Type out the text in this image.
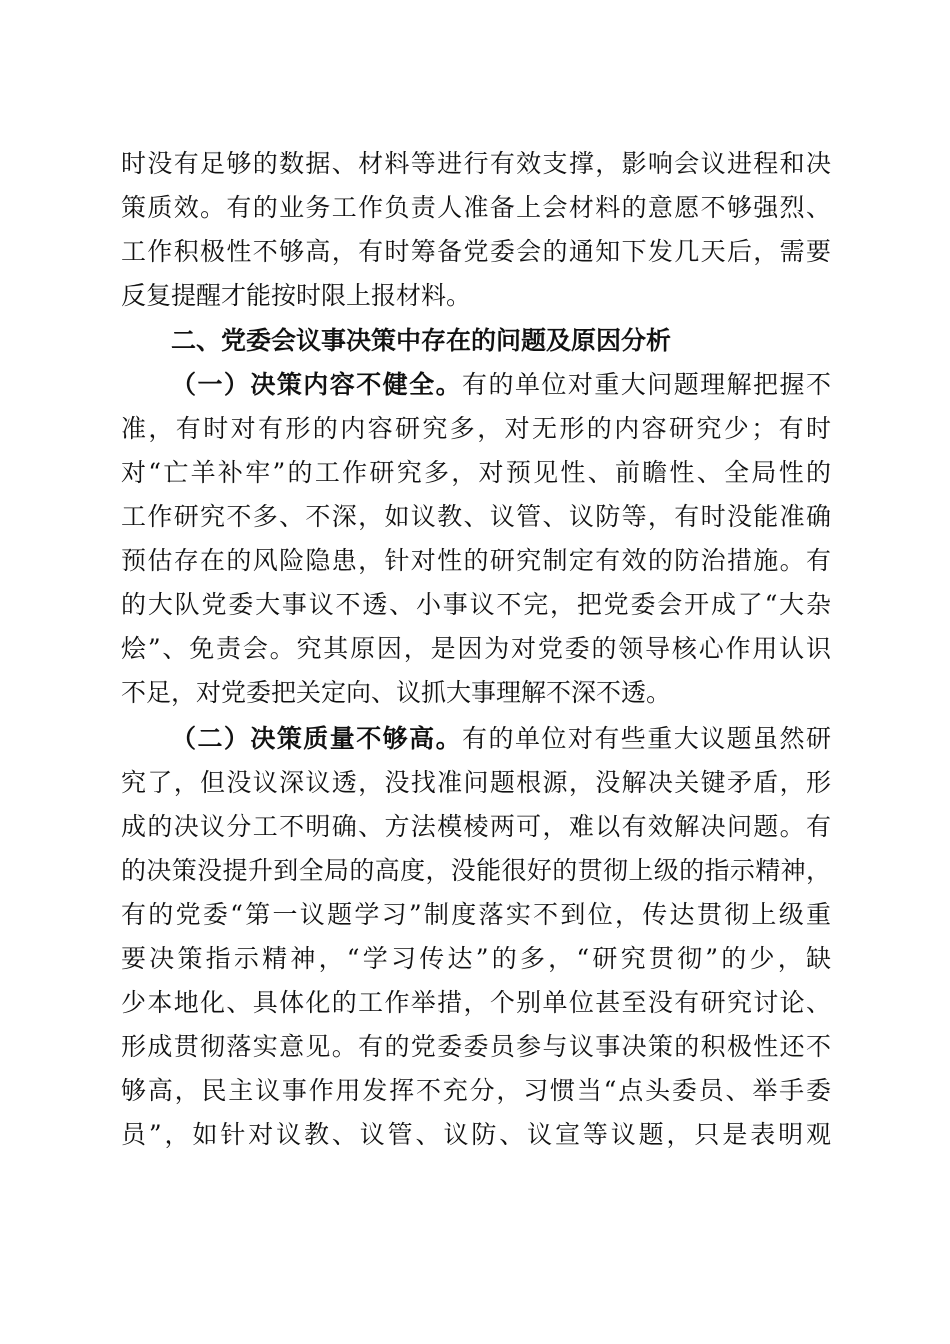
时没有足够的数据、材料等进行有效支撑，影响会议进程和决
策质效。有的业务工作负责人准备上会材料的意愿不够强烈、
工作积极性不够高，有时筹备党委会的通知下发几天后，需要
反复提醒才能按时限上报材料。
二、党委会议事决策中存在的问题及原因分析
（一）决策内容不健全。有的单位对重大问题理解把握不
准，有时对有形的内容研究多，对无形的内容研究少；有时
对“亡羊补牢”的工作研究多，对预见性、前瞻性、全局性的
工作研究不多、不深，如议教、议管、议防等，有时没能准确
预估存在的风险隐患，针对性的研究制定有效的防治措施。有
的大队党委大事议不透、小事议不完，把党委会开成了“大杂
烩”、免责会。究其原因，是因为对党委的领导核心作用认识
不足，对党委把关定向、议抓大事理解不深不透。
（二）决策质量不够高。有的单位对有些重大议题虽然研
究了，但没议深议透，没找准问题根源，没解决关键矛盾，形
成的决议分工不明确、方法模棱两可，难以有效解决问题。有
的决策没提升到全局的高度，没能很好的贯彻上级的指示精神，
有的党委“第一议题学习”制度落实不到位，传达贯彻上级重
要决策指示精神，“学习传达”的多，“研究贯彻”的少，缺
少本地化、具体化的工作举措，个别单位甚至没有研究讨论、
形成贯彻落实意见。有的党委委员参与议事决策的积极性还不
够高，民主议事作用发挥不充分，习惯当“点头委员、举手委
员”，如针对议教、议管、议防、议宣等议题，只是表明观
